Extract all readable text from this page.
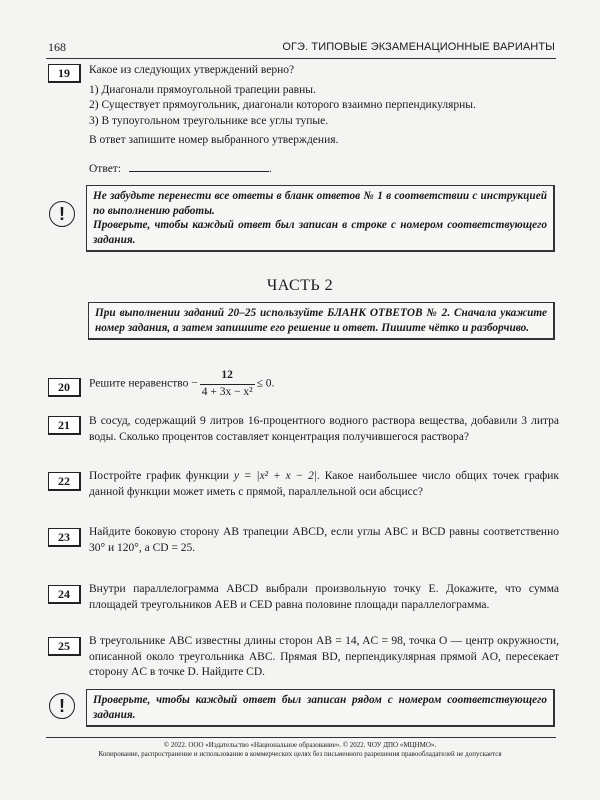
168	ОГЭ. ТИПОВЫЕ ЭКЗАМЕНАЦИОННЫЕ ВАРИАНТЫ
19	Какое из следующих утверждений верно?
1) Диагонали прямоугольной трапеции равны.
2) Существует прямоугольник, диагонали которого взаимно перпендикулярны.
3) В тупоугольном треугольнике все углы тупые.
В ответ запишите номер выбранного утверждения.
Ответ:	.
!
Не забудьте перенести все ответы в бланк ответов № 1 в соответствии с инструкцией по выполнению работы.
Проверьте, чтобы каждый ответ был записан в строке с номером соответствующего задания.
ЧАСТЬ 2
При выполнении заданий 20–25 используйте БЛАНК ОТВЕТОВ № 2. Сначала укажите номер задания, а затем запишите его решение и ответ. Пишите чётко и разборчиво.
20	Решите неравенство − $\frac{12}{\text{4 + 3x − x²}} \le 0$.
21	В сосуд, содержащий 9 литров 16-процентного водного раствора вещества, добавили 3 литра воды. Сколько процентов составляет концентрация получившегося раствора?
22	Постройте график функции y = |x² + x − 2|. Какое наибольшее число общих точек график данной функции может иметь с прямой, параллельной оси абсцисс?
23	Найдите боковую сторону AB трапеции ABCD, если углы ABC и BCD равны соответственно 30° и 120°, а CD = 25.
24	Внутри параллелограмма ABCD выбрали произвольную точку E. Докажите, что сумма площадей треугольников AEB и CED равна половине площади параллелограмма.
25	В треугольнике ABC известны длины сторон AB = 14, AC = 98, точка O — центр окружности, описанной около треугольника ABC. Прямая BD, перпендикулярная прямой AO, пересекает сторону AC в точке D. Найдите CD.
!	Проверьте, чтобы каждый ответ был записан рядом с номером соответствующего задания.
© 2022. ООО «Издательство «Национальное образование». © 2022. ЧОУ ДПО «МЦНМО».
Копирование, распространение и использование в коммерческих целях без письменного разрешения правообладателей не допускается
